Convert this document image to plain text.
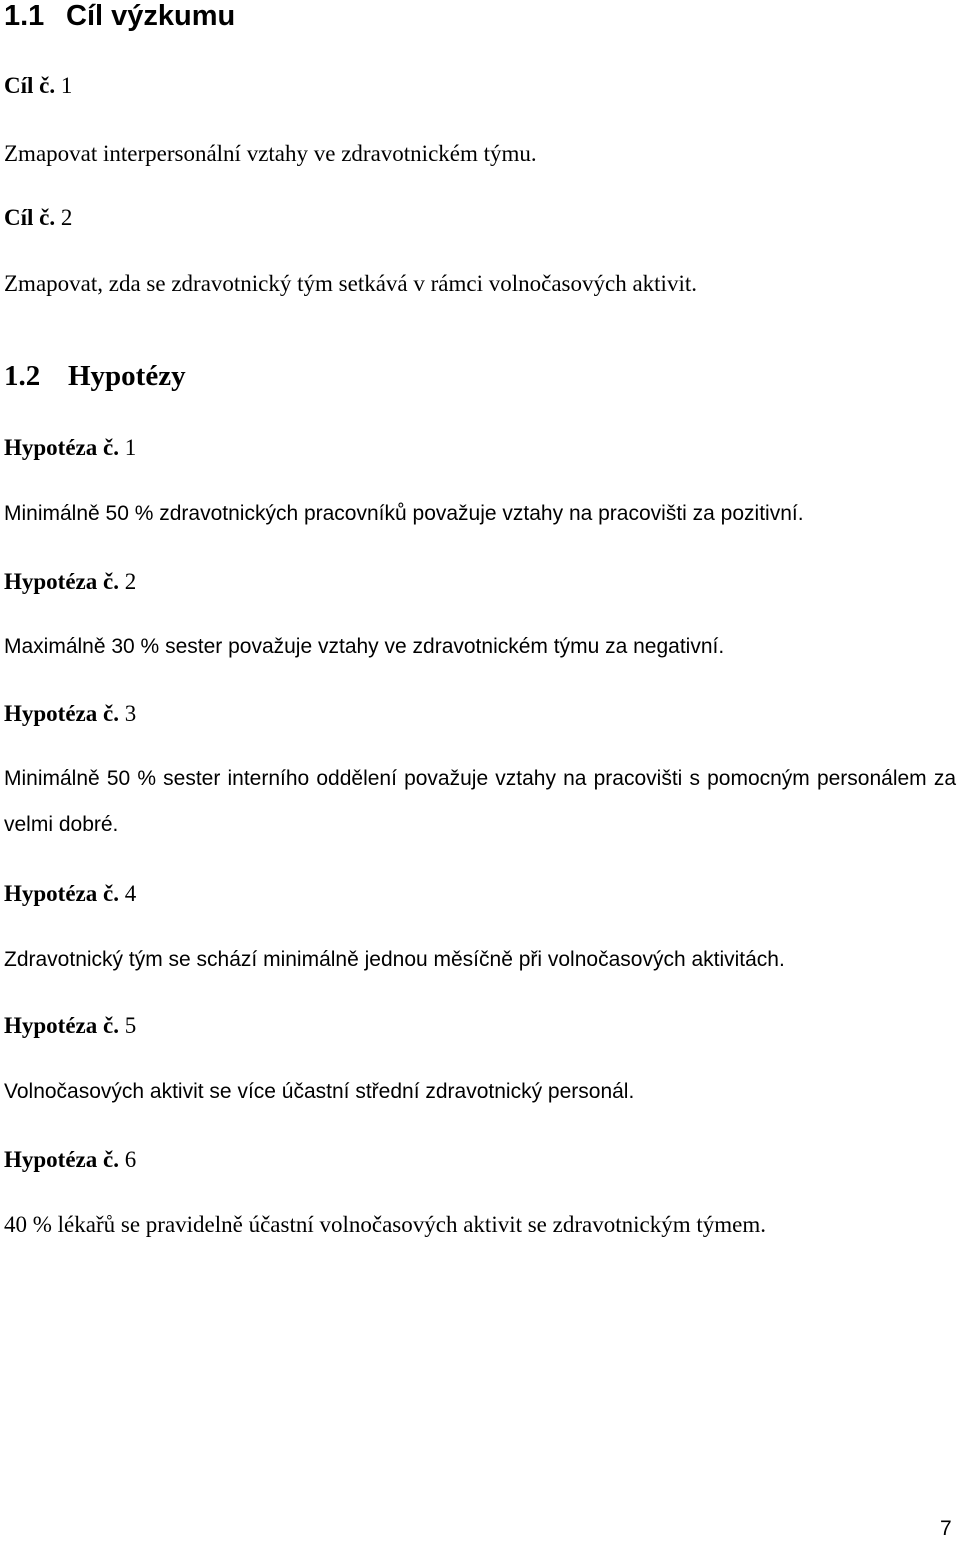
1.1 Cíl výzkumu
Cíl č. 1

Zmapovat interpersonální vztahy ve zdravotnickém týmu.

Cíl č. 2

Zmapovat, zda se zdravotnický tým setkává v rámci volnočasových aktivit.

1.2 Hypotézy
Hypotéza č. 1

Minimálně 50 % zdravotnických pracovníků považuje vztahy na pracovišti za pozitivní.

Hypotéza č. 2

Maximálně 30 % sester považuje vztahy ve zdravotnickém týmu za negativní.

Hypotéza č. 3

Minimálně 50 % sester interního oddělení považuje vztahy na pracovišti s pomocným personálem za velmi dobré.

Hypotéza č. 4

Zdravotnický tým se schází minimálně jednou měsíčně při volnočasových aktivitách.

Hypotéza č. 5

Volnočasových aktivit se více účastní střední zdravotnický personál.

Hypotéza č. 6

40 % lékařů se pravidelně účastní volnočasových aktivit se zdravotnickým týmem.

7
